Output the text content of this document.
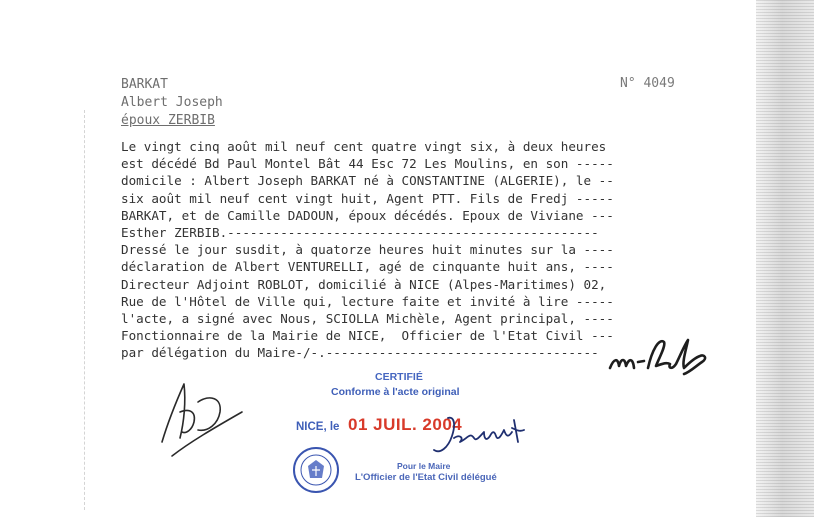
BARKAT
Albert Joseph
époux ZERBIB
N° 4049
Le vingt cinq août mil neuf cent quatre vingt six, à deux heures
est décédé Bd Paul Montel Bât 44 Esc 72 Les Moulins, en son -----
domicile : Albert Joseph BARKAT né à CONSTANTINE (ALGERIE), le --
six août mil neuf cent vingt huit, Agent PTT. Fils de Fredj -----
BARKAT, et de Camille DADOUN, époux décédés. Epoux de Viviane ---
Esther ZERBIB.-------------------------------------------------
Dressé le jour susdit, à quatorze heures huit minutes sur la ----
déclaration de Albert VENTURELLI, agé de cinquante huit ans, ----
Directeur Adjoint ROBLOT, domicilié à NICE (Alpes-Maritimes) 02,
Rue de l'Hôtel de Ville qui, lecture faite et invité à lire -----
l'acte, a signé avec Nous, SCIOLLA Michèle, Agent principal, ----
Fonctionnaire de la Mairie de NICE,  Officier de l'Etat Civil ---
par délégation du Maire-/-.------------------------------------
CERTIFIÉ
Conforme à l'acte original
NICE, le 01 JUIL. 2004
Pour le Maire
L'Officier de l'Etat Civil délégué
